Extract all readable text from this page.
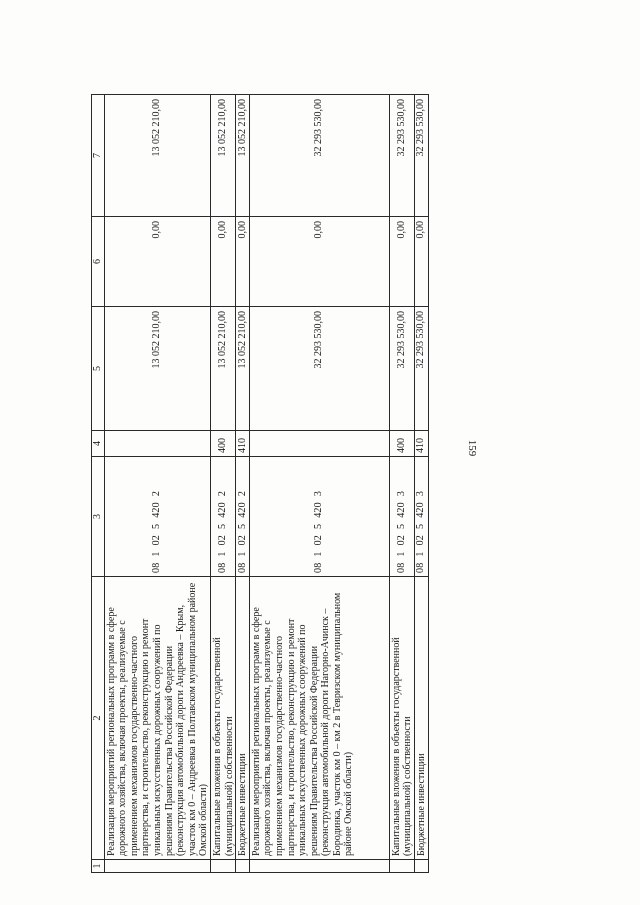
159
1	2	3	4	5	6	7
	Реализация мероприятий региональных программ в сфере дорожного хозяйства, включая проекты, реализуемые с применением механизмов государственно-частного партнерства, и строительство, реконструкцию и ремонт уникальных искусственных дорожных сооружений по решениям Правительства Российской Федерации (реконструкция автомобильной дороги Андреевка – Крым, участок км 0 – Андреевка в Полтавском муниципальном районе Омской области)	0810254202		13 052 210,00	0,00	13 052 210,00
	Капитальные вложения в объекты государственной (муниципальной) собственности	0810254202	400	13 052 210,00	0,00	13 052 210,00
	Бюджетные инвестиции	0810254202	410	13 052 210,00	0,00	13 052 210,00
	Реализация мероприятий региональных программ в сфере дорожного хозяйства, включая проекты, реализуемые с применением механизмов государственно-частного партнерства, и строительство, реконструкцию и ремонт уникальных искусственных дорожных сооружений по решениям Правительства Российской Федерации (реконструкция автомобильной дороги Нагорно-Ачинск – Бородинка, участок км 0 – км 2 в Тевризском муниципальном районе Омской области)	0810254203		32 293 530,00	0,00	32 293 530,00
	Капитальные вложения в объекты государственной (муниципальной) собственности	0810254203	400	32 293 530,00	0,00	32 293 530,00
	Бюджетные инвестиции	0810254203	410	32 293 530,00	0,00	32 293 530,00
